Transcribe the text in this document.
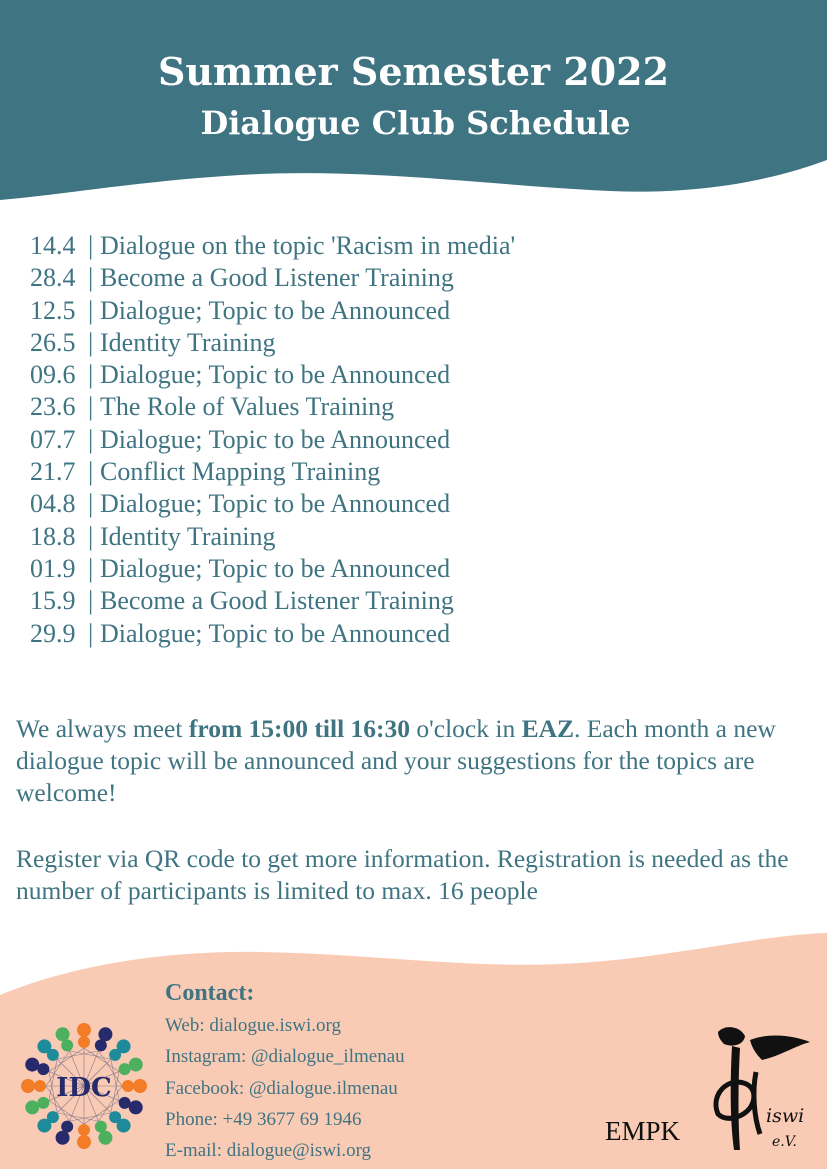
Summer Semester 2022
Dialogue Club Schedule
14.4 | Dialogue on the topic 'Racism in media'
28.4 | Become a Good Listener Training
12.5 | Dialogue; Topic to be Announced
26.5 | Identity Training
09.6 | Dialogue; Topic to be Announced
23.6 | The Role of Values Training
07.7 | Dialogue; Topic to be Announced
21.7 | Conflict Mapping Training
04.8 | Dialogue; Topic to be Announced
18.8 | Identity Training
01.9 | Dialogue; Topic to be Announced
15.9 | Become a Good Listener Training
29.9 | Dialogue; Topic to be Announced

We always meet from 15:00 till 16:30 o'clock in EAZ. Each month a new dialogue topic will be announced and your suggestions for the topics are welcome!

Register via QR code to get more information. Registration is needed as the number of participants is limited to max. 16 people

Contact:
Web: dialogue.iswi.org
Instagram: @dialogue_ilmenau
Facebook: @dialogue.ilmenau
Phone: +49 3677 69 1946
E-mail: dialogue@iswi.org
IDC
EMPK	iswi
e.V.
